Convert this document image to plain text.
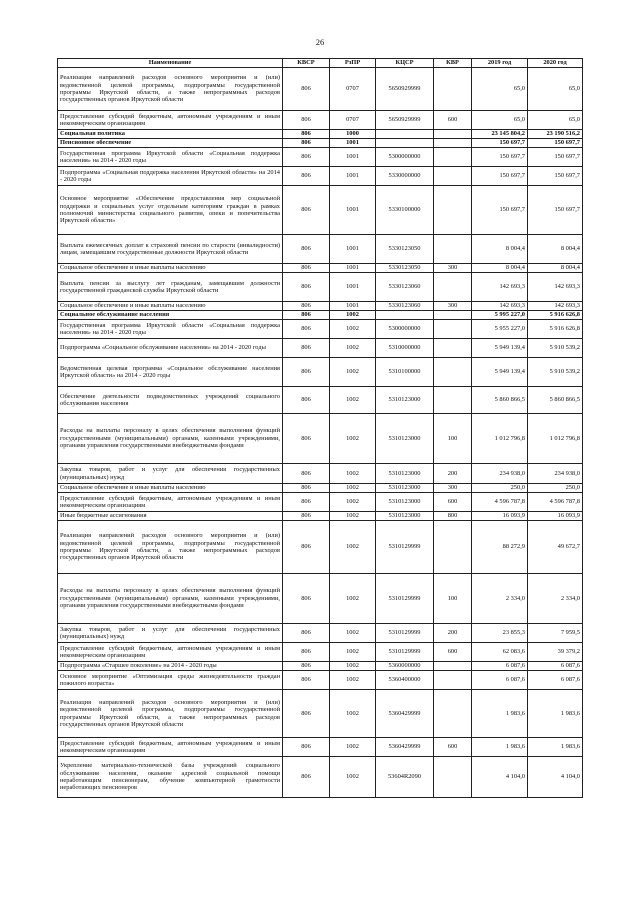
26
Наименование	КВСР	РзПР	КЦСР	КВР	2019 год	2020 год
Реализация направлений расходов основного мероприятия и (или) ведомственной целевой программы, подпрограммы государственной программы Иркутской области, а также непрограммных расходов государственных органов Иркутской области	806	0707	5650929999		65,0	65,0
Предоставление субсидий бюджетным, автономным учреждениям и иным некоммерческим организациям	806	0707	5650929999	600	65,0	65,0
Социальная политика	806	1000			23 145 804,2	23 190 516,2
Пенсионное обеспечение	806	1001			150 697,7	150 697,7
Государственная программа Иркутской области «Социальная поддержка населения» на 2014 - 2020 годы	806	1001	5300000000		150 697,7	150 697,7
Подпрограмма «Социальная поддержка населения Иркутской области» на 2014 - 2020 годы	806	1001	5330000000		150 697,7	150 697,7
Основное мероприятие «Обеспечение предоставления мер социальной поддержки и социальных услуг отдельным категориям граждан в рамках полномочий министерства социального развития, опеки и попечительства Иркутской области»	806	1001	5330100000		150 697,7	150 697,7
Выплата ежемесячных доплат к страховой пенсии по старости (инвалидности) лицам, замещавшим государственные должности Иркутской области	806	1001	5330123050		8 004,4	8 004,4
Социальное обеспечение и иные выплаты населению	806	1001	5330123050	300	8 004,4	8 004,4
Выплата пенсии за выслугу лет гражданам, замещавшим должности государственной гражданской службы Иркутской области	806	1001	5330123060		142 693,3	142 693,3
Социальное обеспечение и иные выплаты населению	806	1001	5330123060	300	142 693,3	142 693,3
Социальное обслуживание населения	806	1002			5 995 227,0	5 916 626,8
Государственная программа Иркутской области «Социальная поддержка населения» на 2014 - 2020 годы	806	1002	5300000000		5 955 227,0	5 916 626,8
Подпрограмма «Социальное обслуживание населения» на 2014 - 2020 годы	806	1002	5310000000		5 949 139,4	5 910 539,2
Ведомственная целевая программа «Социальное обслуживание населения Иркутской области» на 2014 - 2020 годы	806	1002	5310100000		5 949 139,4	5 910 539,2
Обеспечение деятельности подведомственных учреждений социального обслуживания населения	806	1002	5310123000		5 860 866,5	5 860 866,5
Расходы на выплаты персоналу в целях обеспечения выполнения функций государственными (муниципальными) органами, казенными учреждениями, органами управления государственными внебюджетными фондами	806	1002	5310123000	100	1 012 796,8	1 012 796,8
Закупка товаров, работ и услуг для обеспечения государственных (муниципальных) нужд	806	1002	5310123000	200	234 938,0	234 938,0
Социальное обеспечение и иные выплаты населению	806	1002	5310123000	300	250,0	250,0
Предоставление субсидий бюджетным, автономным учреждениям и иным некоммерческим организациям	806	1002	5310123000	600	4 596 787,8	4 596 787,8
Иные бюджетные ассигнования	806	1002	5310123000	800	16 093,9	16 093,9
Реализация направлений расходов основного мероприятия и (или) ведомственной целевой программы, подпрограммы государственной программы Иркутской области, а также непрограммных расходов государственных органов Иркутской области	806	1002	5310129999		88 272,9	49 672,7
Расходы на выплаты персоналу в целях обеспечения выполнения функций государственными (муниципальными) органами, казенными учреждениями, органами управления государственными внебюджетными фондами	806	1002	5310129999	100	2 334,0	2 334,0
Закупка товаров, работ и услуг для обеспечения государственных (муниципальных) нужд	806	1002	5310129999	200	23 855,3	7 959,5
Предоставление субсидий бюджетным, автономным учреждениям и иным некоммерческим организациям	806	1002	5310129999	600	62 083,6	39 379,2
Подпрограмма «Старшее поколение» на 2014 - 2020 годы	806	1002	5360000000		6 087,6	6 087,6
Основное мероприятие «Оптимизация среды жизнедеятельности граждан пожилого возраста»	806	1002	5360400000		6 087,6	6 087,6
Реализация направлений расходов основного мероприятия и (или) ведомственной целевой программы, подпрограммы государственной программы Иркутской области, а также непрограммных расходов государственных органов Иркутской области	806	1002	5360429999		1 983,6	1 983,6
Предоставление субсидий бюджетным, автономным учреждениям и иным некоммерческим организациям	806	1002	5360429999	600	1 983,6	1 983,6
Укрепление материально-технической базы учреждений социального обслуживания населения, оказание адресной социальной помощи неработающим пенсионерам, обучение компьютерной грамотности неработающих пенсионеров	806	1002	53604R2090		4 104,0	4 104,0
